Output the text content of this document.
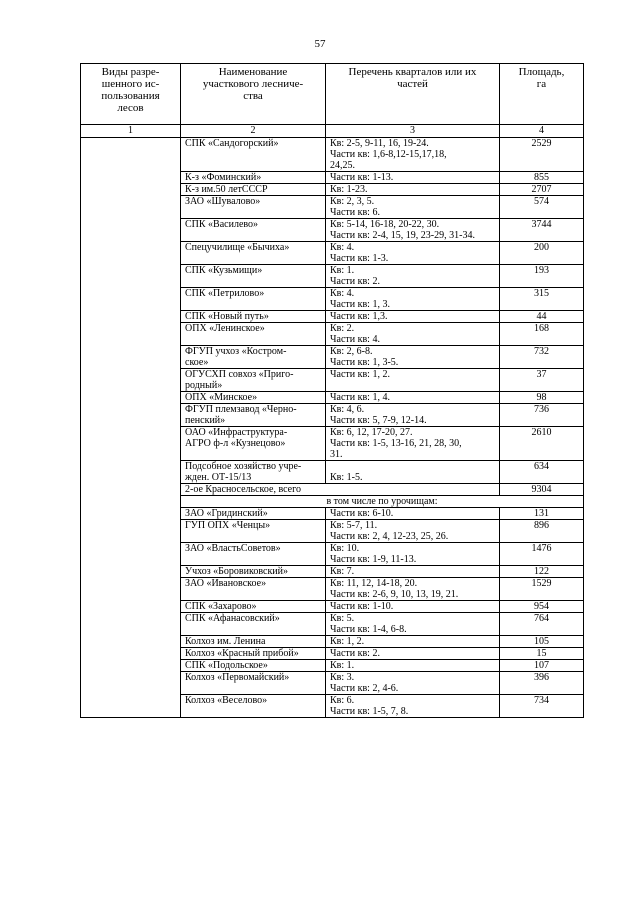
57
Виды разре-
шенного ис-
пользования
лесов	Наименование
участкового лесниче-
ства	Перечень кварталов или их
частей	Площадь,
га

1	2	3	4

	СПК «Сандогорский»	Кв: 2-5, 9-11, 16, 19-24.
Части кв: 1,6-8,12-15,17,18,
24,25.	2529

	К-з «Фоминский»	Части кв: 1-13.	855

	К-з им.50 летСССР	Кв: 1-23.	2707

	ЗАО «Шувалово»	Кв: 2, 3, 5.
Части кв: 6.	574

	СПК «Василево»	Кв: 5-14, 16-18, 20-22, 30.
Части кв: 2-4, 15, 19, 23-29, 31-34.	3744

	Спецучилище «Бычиха»	Кв: 4.
Части кв: 1-3.	200

	СПК «Кузьмищи»	Кв: 1.
Части кв: 2.	193

	СПК «Петрилово»	Кв: 4.
Части кв: 1, 3.	315

	СПК «Новый путь»	Части кв: 1,3.	44

	ОПХ «Ленинское»	Кв: 2.
Части кв: 4.	168

	ФГУП учхоз «Костром-
ское»	Кв: 2, 6-8.
Части кв: 1, 3-5.	732

	ОГУСХП совхоз «Приго-
родный»	Части кв: 1, 2.	37

	ОПХ «Минское»	Части кв: 1, 4.	98

	ФГУП племзавод «Черно-
пенский»	Кв: 4, 6.
Части кв: 5, 7-9, 12-14.	736

	ОАО «Инфраструктура-
АГРО ф-л «Кузнецово»	Кв: 6, 12, 17-20, 27.
Части кв: 1-5, 13-16, 21, 28, 30,
31.	2610

	Подсобное хозяйство учре-
жден. ОТ-15/13	Кв: 1-5.	634
	2-ое Красносельское, всего		9304
	в том числе по урочищам:		

	ЗАО «Гридинский»	Части кв: 6-10.	131

	ГУП ОПХ «Ченцы»	Кв: 5-7, 11.
Части кв: 2, 4, 12-23, 25, 26.	896

	ЗАО «ВластьСоветов»	Кв: 10.
Части кв: 1-9, 11-13.	1476

	Учхоз «Боровиковский»	Кв: 7.	122

	ЗАО «Ивановское»	Кв: 11, 12, 14-18, 20.
Части кв: 2-6, 9, 10, 13, 19, 21.	1529

	СПК «Захарово»	Части кв: 1-10.	954

	СПК «Афанасовский»	Кв: 5.
Части кв: 1-4, 6-8.	764

	Колхоз им. Ленина	Кв: 1, 2.	105

	Колхоз «Красный прибой»	Части кв: 2.	15

	СПК «Подольское»	Кв: 1.	107

	Колхоз «Первомайский»	Кв: 3.
Части кв: 2, 4-6.	396

	Колхоз «Веселово»	Кв: 6.
Части кв: 1-5, 7, 8.	734
